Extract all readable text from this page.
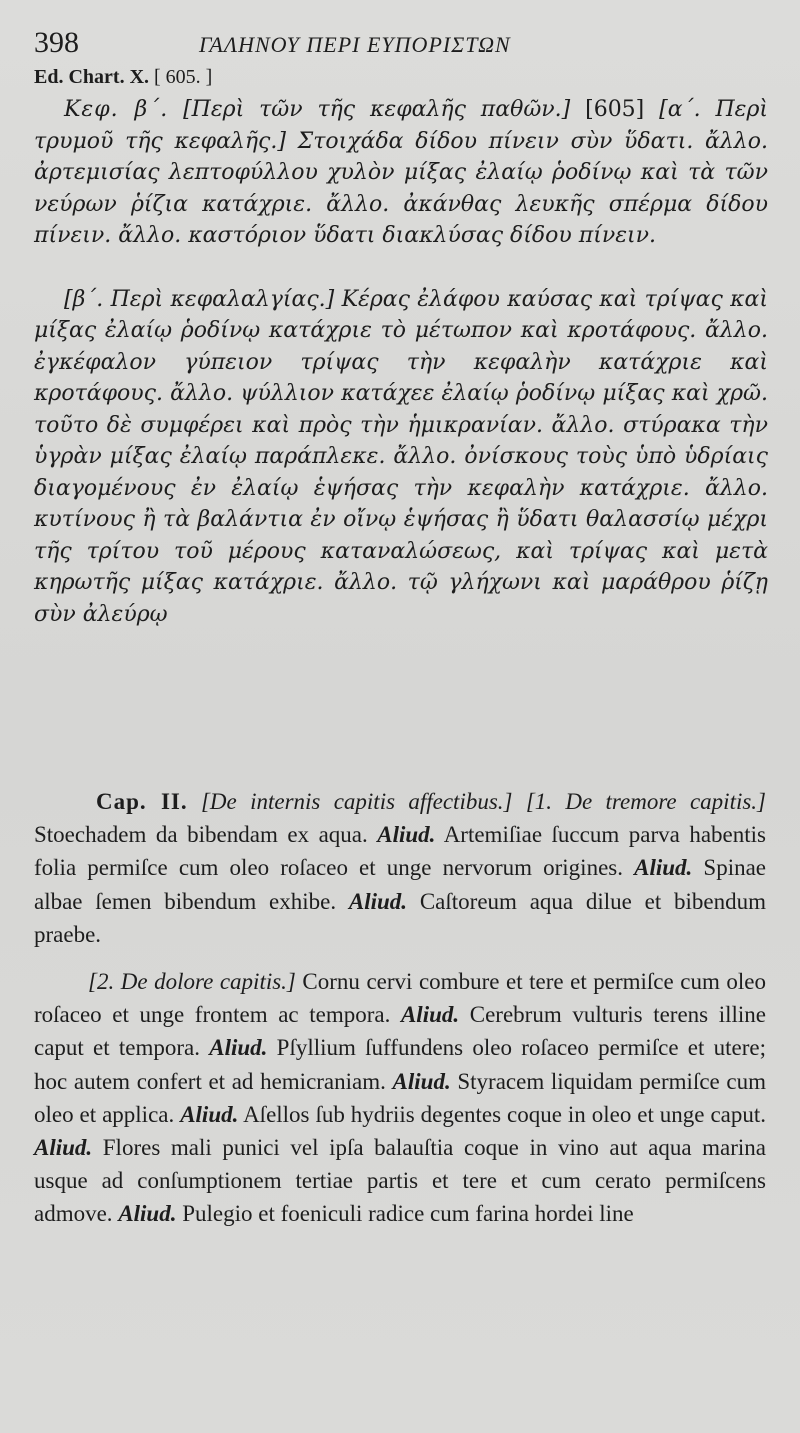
398	ΓΑΛΗΝΟΥ ΠΕΡΙ ΕΥΠΟΡΙΣΤΩΝ
Ed. Chart. X. [ 605. ]

Κεφ. β΄. [Περὶ τῶν τῆς κεφαλῆς παθῶν.] [605] [α΄. Περὶ τρυμοῦ τῆς κεφαλῆς.] Στοιχάδα δίδου πίνειν σὺν ὕδατι. ἄλλο. ἀρτεμισίας λεπτοφύλλου χυλὸν μίξας ἐλαίῳ ῥοδίνῳ καὶ τὰ τῶν νεύρων ῥίζια κατάχριε. ἄλλο. ἀκάνθας λευκῆς σπέρμα δίδου πίνειν. ἄλλο. καστόριον ὕδατι διακλύσας δίδου πίνειν.

[β΄. Περὶ κεφαλαλγίας.] Κέρας ἐλάφου καύσας καὶ τρίψας καὶ μίξας ἐλαίῳ ῥοδίνῳ κατάχριε τὸ μέτωπον καὶ κροτάφους. ἄλλο. ἐγκέφαλον γύπειον τρίψας τὴν κεφαλὴν κατάχριε καὶ κροτάφους. ἄλλο. ψύλλιον κατάχεε ἐλαίῳ ῥοδίνῳ μίξας καὶ χρῶ. τοῦτο δὲ συμφέρει καὶ πρὸς τὴν ἡμικρανίαν. ἄλλο. στύρακα τὴν ὑγρὰν μίξας ἐλαίῳ παράπλεκε. ἄλλο. ὀνίσκους τοὺς ὑπὸ ὑδρίαις διαγομένους ἐν ἐλαίῳ ἑψήσας τὴν κεφαλὴν κατάχριε. ἄλλο. κυτίνους ἢ τὰ βαλάντια ἐν οἴνῳ ἑψήσας ἢ ὕδατι θαλασσίῳ μέχρι τῆς τρίτου τοῦ μέρους καταναλώσεως, καὶ τρίψας καὶ μετὰ κηρωτῆς μίξας κατάχριε. ἄλλο. τῷ γλήχωνι καὶ μαράθρου ῥίζῃ σὺν ἀλεύρῳ

Cap. II. [De internis capitis affectibus.] [1. De tremore capitis.] Stoechadem da bibendam ex aqua. Aliud. Artemiſiae ſuccum parva habentis folia permiſce cum oleo roſaceo et unge nervorum origines. Aliud. Spinae albae ſemen bibendum exhibe. Aliud. Caſtoreum aqua dilue et bibendum praebe.

[2. De dolore capitis.] Cornu cervi combure et tere et permiſce cum oleo roſaceo et unge frontem ac tempora. Aliud. Cerebrum vulturis terens illine caput et tempora. Aliud. Pſyllium ſuffundens oleo roſaceo permiſce et utere; hoc autem confert et ad hemicraniam. Aliud. Styracem liquidam permiſce cum oleo et applica. Aliud. Aſellos ſub hydriis degentes coque in oleo et unge caput. Aliud. Flores mali punici vel ipſa balauſtia coque in vino aut aqua marina usque ad conſumptionem tertiae partis et tere et cum cerato permiſcens admove. Aliud. Pulegio et foeniculi radice cum farina hordei line
